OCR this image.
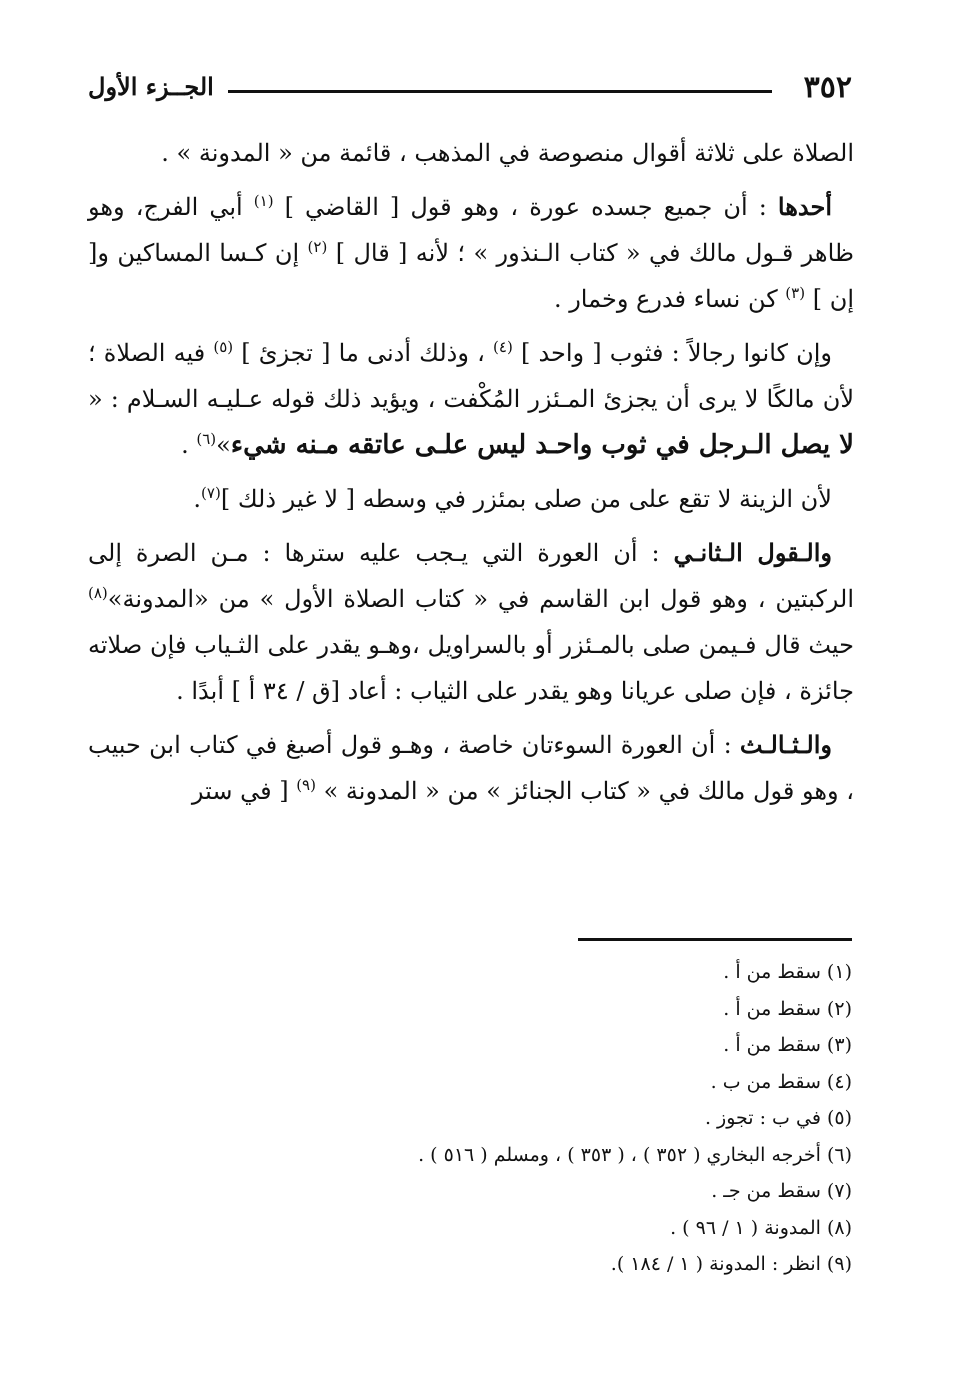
٣٥٢
الجــزء الأول

الصلاة على ثلاثة أقوال منصوصة في المذهب ، قائمة من « المدونة » .

أحدها : أن جميع جسده عورة ، وهو قول [ القاضي ] $^{(١)}$ أبي الفرج، وهو ظاهر قـول مالك في « كتاب الـنذور » ؛ لأنه [ قال ] $^{(٢)}$ إن كـسا المساكين و[ إن ] $^{(٣)}$ كن نساء فدرع وخمار .

وإن كانوا رجالاً : فثوب [ واحد ] $^{(٤)}$ ، وذلك أدنى ما [ تجزئ ] $^{(٥)}$ فيه الصلاة ؛ لأن مالكًا لا يرى أن يجزئ المـئزر المُكْفت ، ويؤيد ذلك قوله عـليـه السـلام : « لا يصل الـرجل في ثوب واحـد ليس علـى عاتقه مـنه شيء»$^{(٦)}$ .

لأن الزينة لا تقع على من صلى بمئزر في وسطه [ لا غير ذلك ]$^{(٧)}$.

والـقول الـثانـي : أن العورة التي يـجب عليه سترها : مـن الصرة إلى الركبتين ، وهو قول ابن القاسم في « كتاب الصلاة الأول » من «المدونة»$^{(٨)}$ حيث قال فـيمن صلى بالمـئزر أو بالسراويل ،وهـو يقدر على الثـياب فإن صلاته جائزة ، فإن صلى عريانا وهو يقدر على الثياب : أعاد [ق / ٣٤ أ ] أبدًا .

والـثـالـث : أن العورة السوءتان خاصة ، وهـو قول أصبغ في كتاب ابن حبيب ، وهو قول مالك في « كتاب الجنائز » من « المدونة » $^{(٩)}$ [ في ستر

(١) سقط من أ .
(٢) سقط من أ .
(٣) سقط من أ .
(٤) سقط من ب .
(٥) في ب : تجوز .
(٦) أخرجه البخاري ( ٣٥٢ ) ، ( ٣٥٣ ) ، ومسلم ( ٥١٦ ) .
(٧) سقط من جـ .
(٨) المدونة ( ١ / ٩٦ ) .
(٩) انظر : المدونة ( ١ / ١٨٤ ).
